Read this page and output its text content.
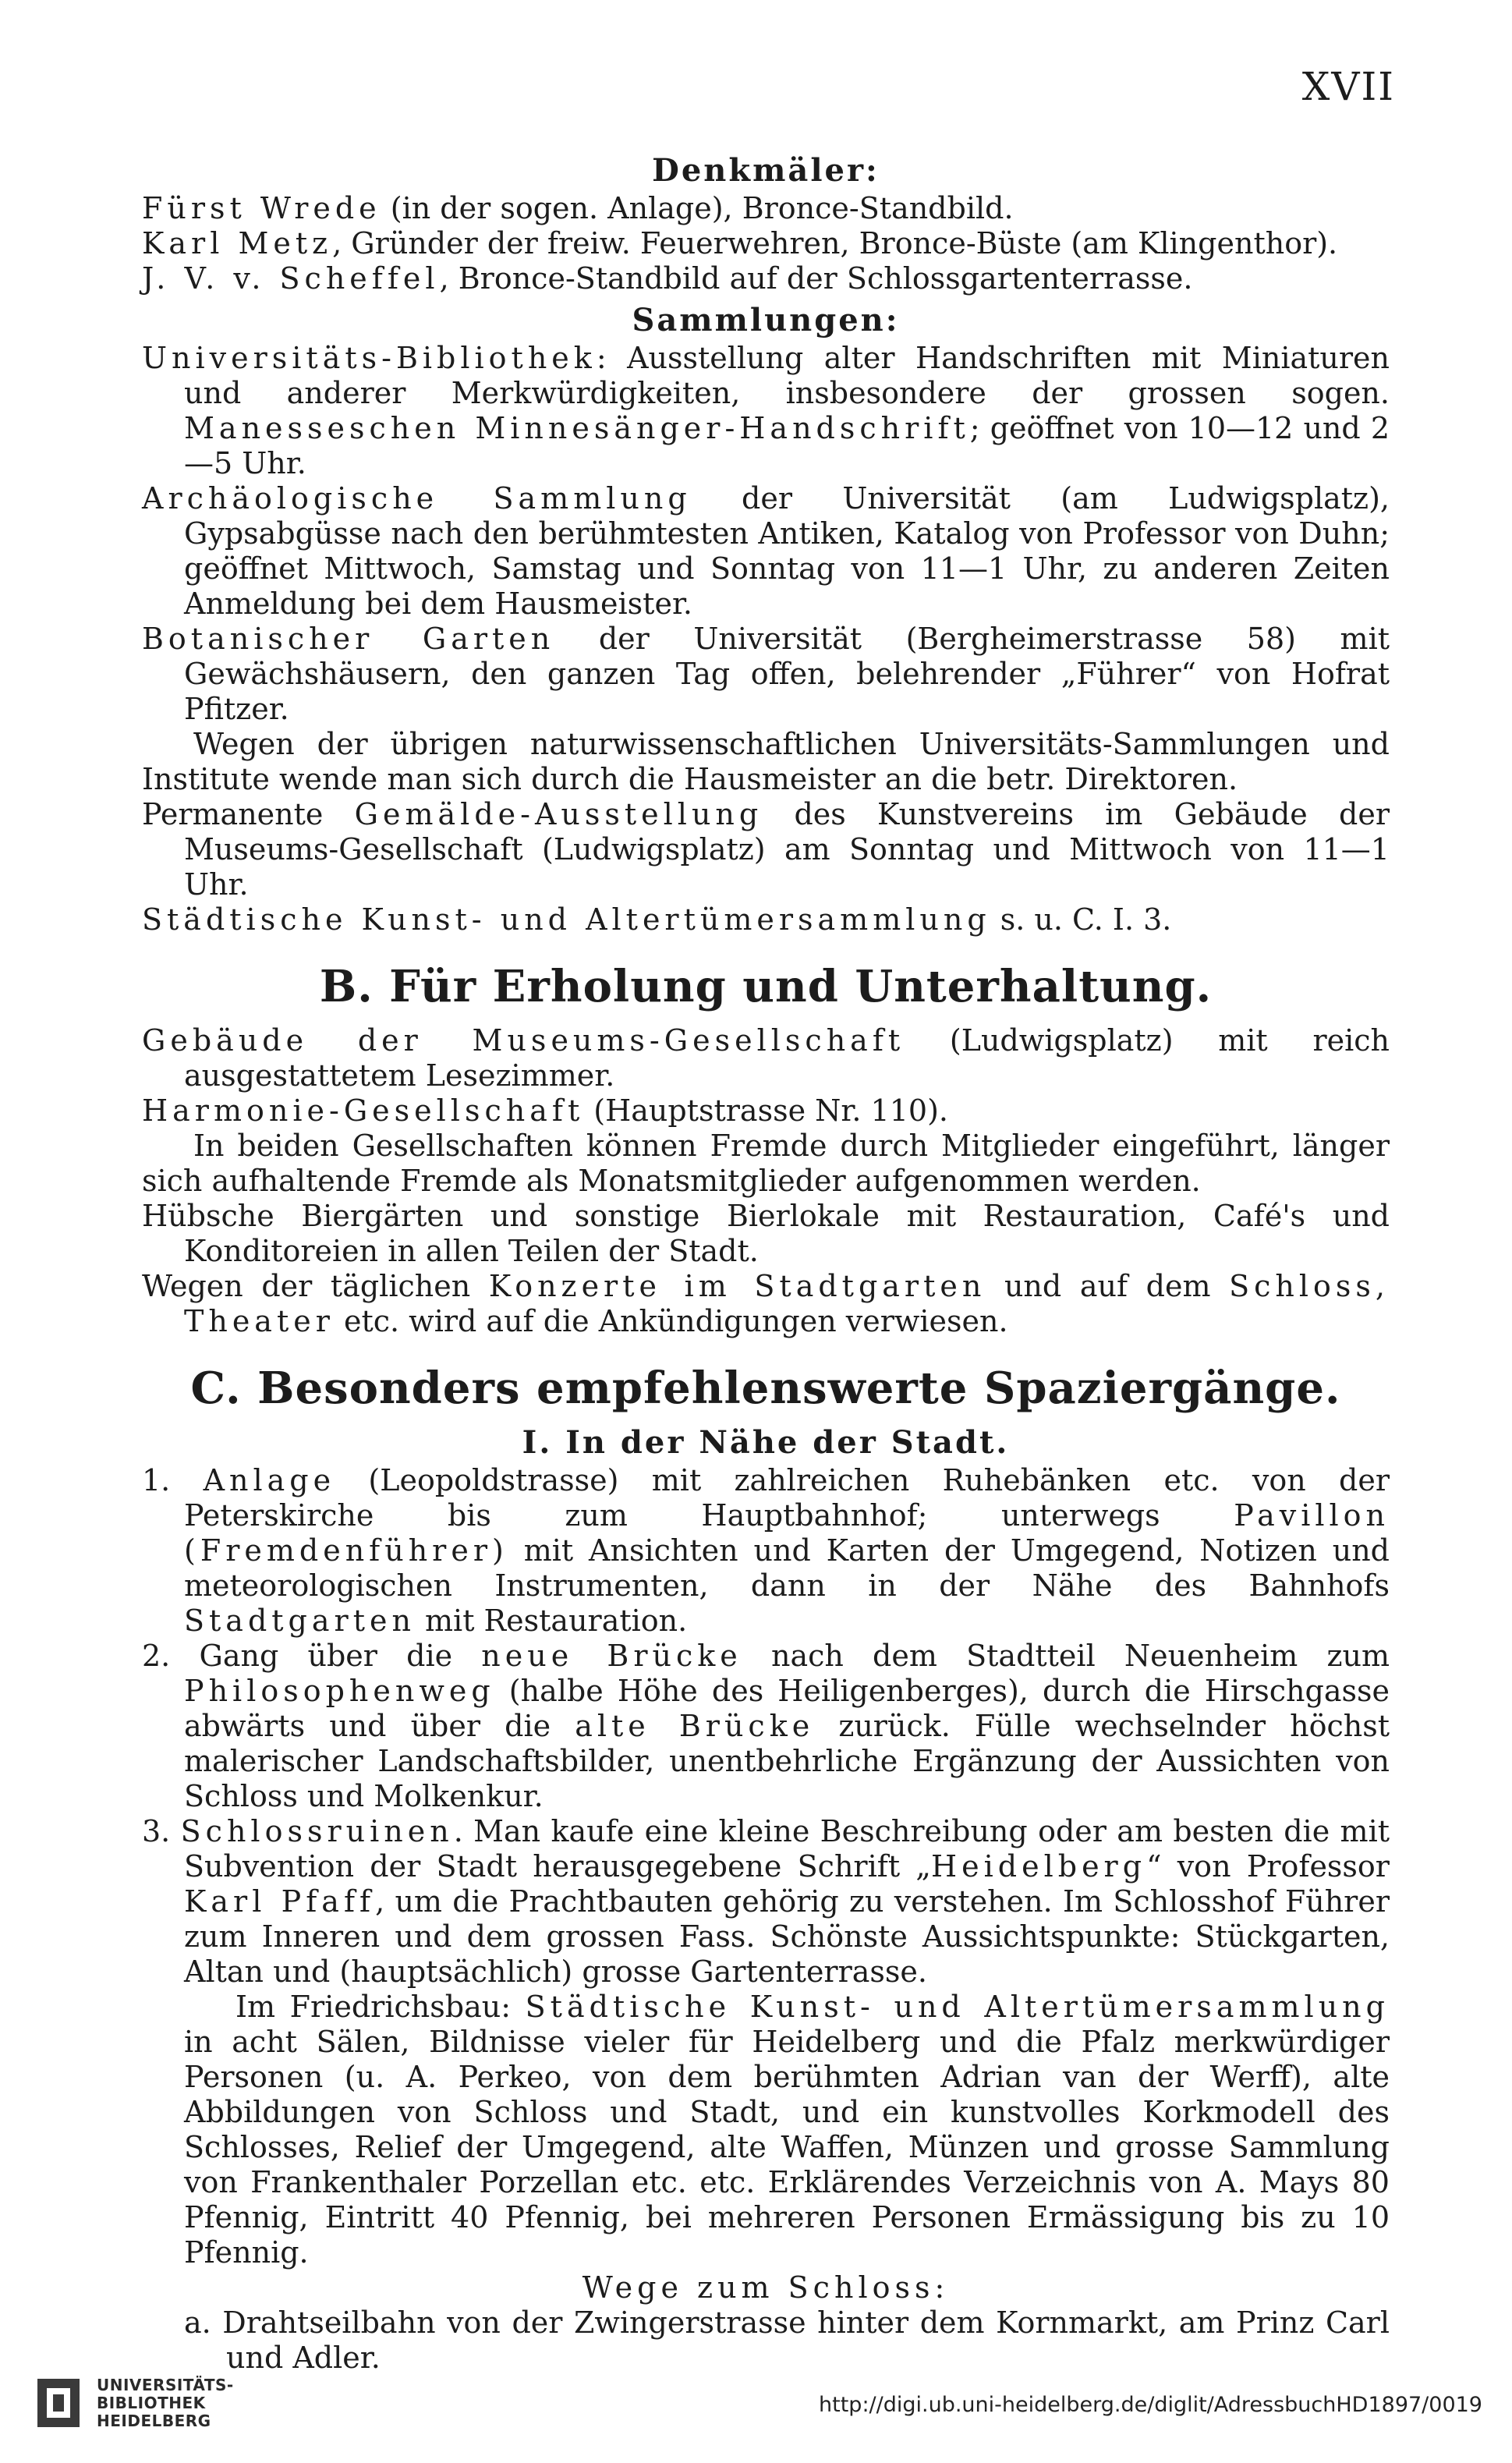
XVII

Denkmäler:

Fürst Wrede (in der sogen. Anlage), Bronce-Standbild.

Karl Metz, Gründer der freiw. Feuerwehren, Bronce-Büste (am Klingenthor).

J. V. v. Scheffel, Bronce-Standbild auf der Schlossgartenterrasse.

Sammlungen:

Universitäts-Bibliothek: Ausstellung alter Handschriften mit Miniaturen und anderer Merkwürdigkeiten, insbesondere der grossen sogen. Manesseschen Minnesänger-Handschrift; geöffnet von 10—12 und 2—5 Uhr.

Archäologische Sammlung der Universität (am Ludwigsplatz), Gypsabgüsse nach den berühmtesten Antiken, Katalog von Professor von Duhn; geöffnet Mittwoch, Samstag und Sonntag von 11—1 Uhr, zu anderen Zeiten Anmeldung bei dem Hausmeister.

Botanischer Garten der Universität (Bergheimerstrasse 58) mit Gewächshäusern, den ganzen Tag offen, belehrender „Führer“ von Hofrat Pfitzer.

Wegen der übrigen naturwissenschaftlichen Universitäts-Sammlungen und Institute wende man sich durch die Hausmeister an die betr. Direktoren.

Permanente Gemälde-Ausstellung des Kunstvereins im Gebäude der Museums-Gesellschaft (Ludwigsplatz) am Sonntag und Mittwoch von 11—1 Uhr.

Städtische Kunst- und Altertümersammlung s. u. C. I. 3.

B. Für Erholung und Unterhaltung.

Gebäude der Museums-Gesellschaft (Ludwigsplatz) mit reich ausgestattetem Lesezimmer.

Harmonie-Gesellschaft (Hauptstrasse Nr. 110).

In beiden Gesellschaften können Fremde durch Mitglieder eingeführt, länger sich aufhaltende Fremde als Monatsmitglieder aufgenommen werden.

Hübsche Biergärten und sonstige Bierlokale mit Restauration, Café's und Konditoreien in allen Teilen der Stadt.

Wegen der täglichen Konzerte im Stadtgarten und auf dem Schloss, Theater etc. wird auf die Ankündigungen verwiesen.

C. Besonders empfehlenswerte Spaziergänge.

I. In der Nähe der Stadt.

1. Anlage (Leopoldstrasse) mit zahlreichen Ruhebänken etc. von der Peterskirche bis zum Hauptbahnhof; unterwegs Pavillon (Fremdenführer) mit Ansichten und Karten der Umgegend, Notizen und meteorologischen Instrumenten, dann in der Nähe des Bahnhofs Stadtgarten mit Restauration.

2. Gang über die neue Brücke nach dem Stadtteil Neuenheim zum Philosophenweg (halbe Höhe des Heiligenberges), durch die Hirschgasse abwärts und über die alte Brücke zurück. Fülle wechselnder höchst malerischer Landschaftsbilder, unentbehrliche Ergänzung der Aussichten von Schloss und Molkenkur.

3. Schlossruinen. Man kaufe eine kleine Beschreibung oder am besten die mit Subvention der Stadt herausgegebene Schrift „Heidelberg“ von Professor Karl Pfaff, um die Prachtbauten gehörig zu verstehen. Im Schlosshof Führer zum Inneren und dem grossen Fass. Schönste Aussichtspunkte: Stückgarten, Altan und (hauptsächlich) grosse Gartenterrasse.

Im Friedrichsbau: Städtische Kunst- und Altertümersammlung in acht Sälen, Bildnisse vieler für Heidelberg und die Pfalz merkwürdiger Personen (u. A. Perkeo, von dem berühmten Adrian van der Werff), alte Abbildungen von Schloss und Stadt, und ein kunstvolles Korkmodell des Schlosses, Relief der Umgegend, alte Waffen, Münzen und grosse Sammlung von Frankenthaler Porzellan etc. etc. Erklärendes Verzeichnis von A. Mays 80 Pfennig, Eintritt 40 Pfennig, bei mehreren Personen Ermässigung bis zu 10 Pfennig.

Wege zum Schloss:

a. Drahtseilbahn von der Zwingerstrasse hinter dem Kornmarkt, am Prinz Carl und Adler.

UNIVERSITÄTS-
BIBLIOTHEK
HEIDELBERG
http://digi.ub.uni-heidelberg.de/diglit/AdressbuchHD1897/0019
